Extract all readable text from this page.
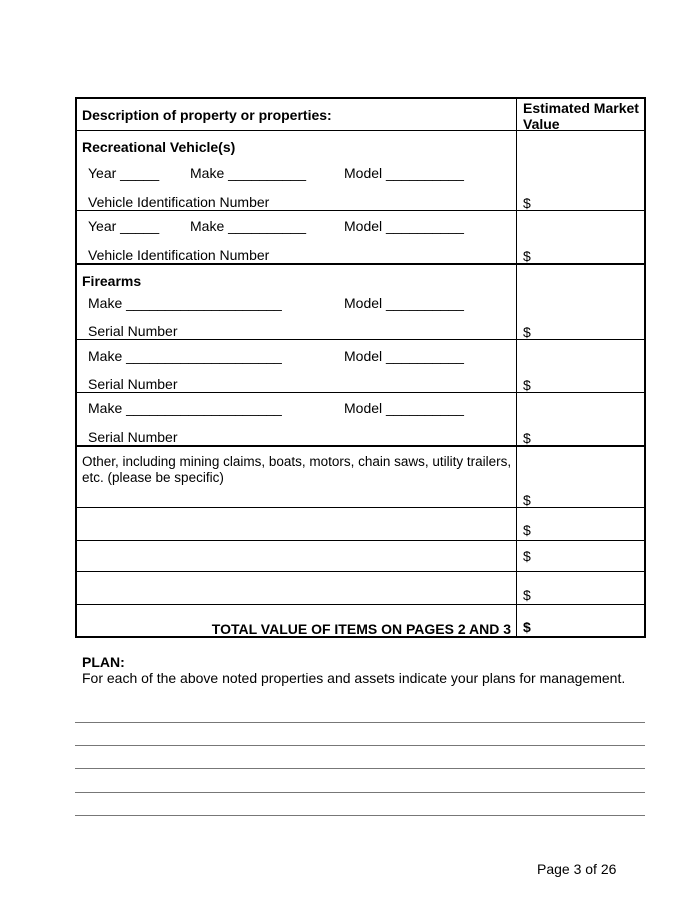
Description of property or properties:	Estimated Market
Value
Recreational Vehicle(s)
Year _____ Make __________	Model __________
Vehicle Identification Number	$
Year _____ Make __________	Model __________
Vehicle Identification Number	$
Firearms
Make ____________________	Model __________
Serial Number	$
Make ____________________	Model __________
Serial Number	$
Make ____________________	Model __________
Serial Number	$
Other, including mining claims, boats, motors, chain saws, utility trailers,
etc. (please be specific)
$
$
$
$
TOTAL VALUE OF ITEMS ON PAGES 2 AND 3 $
PLAN:
For each of the above noted properties and assets indicate your plans for management.
Page 3 of 26
